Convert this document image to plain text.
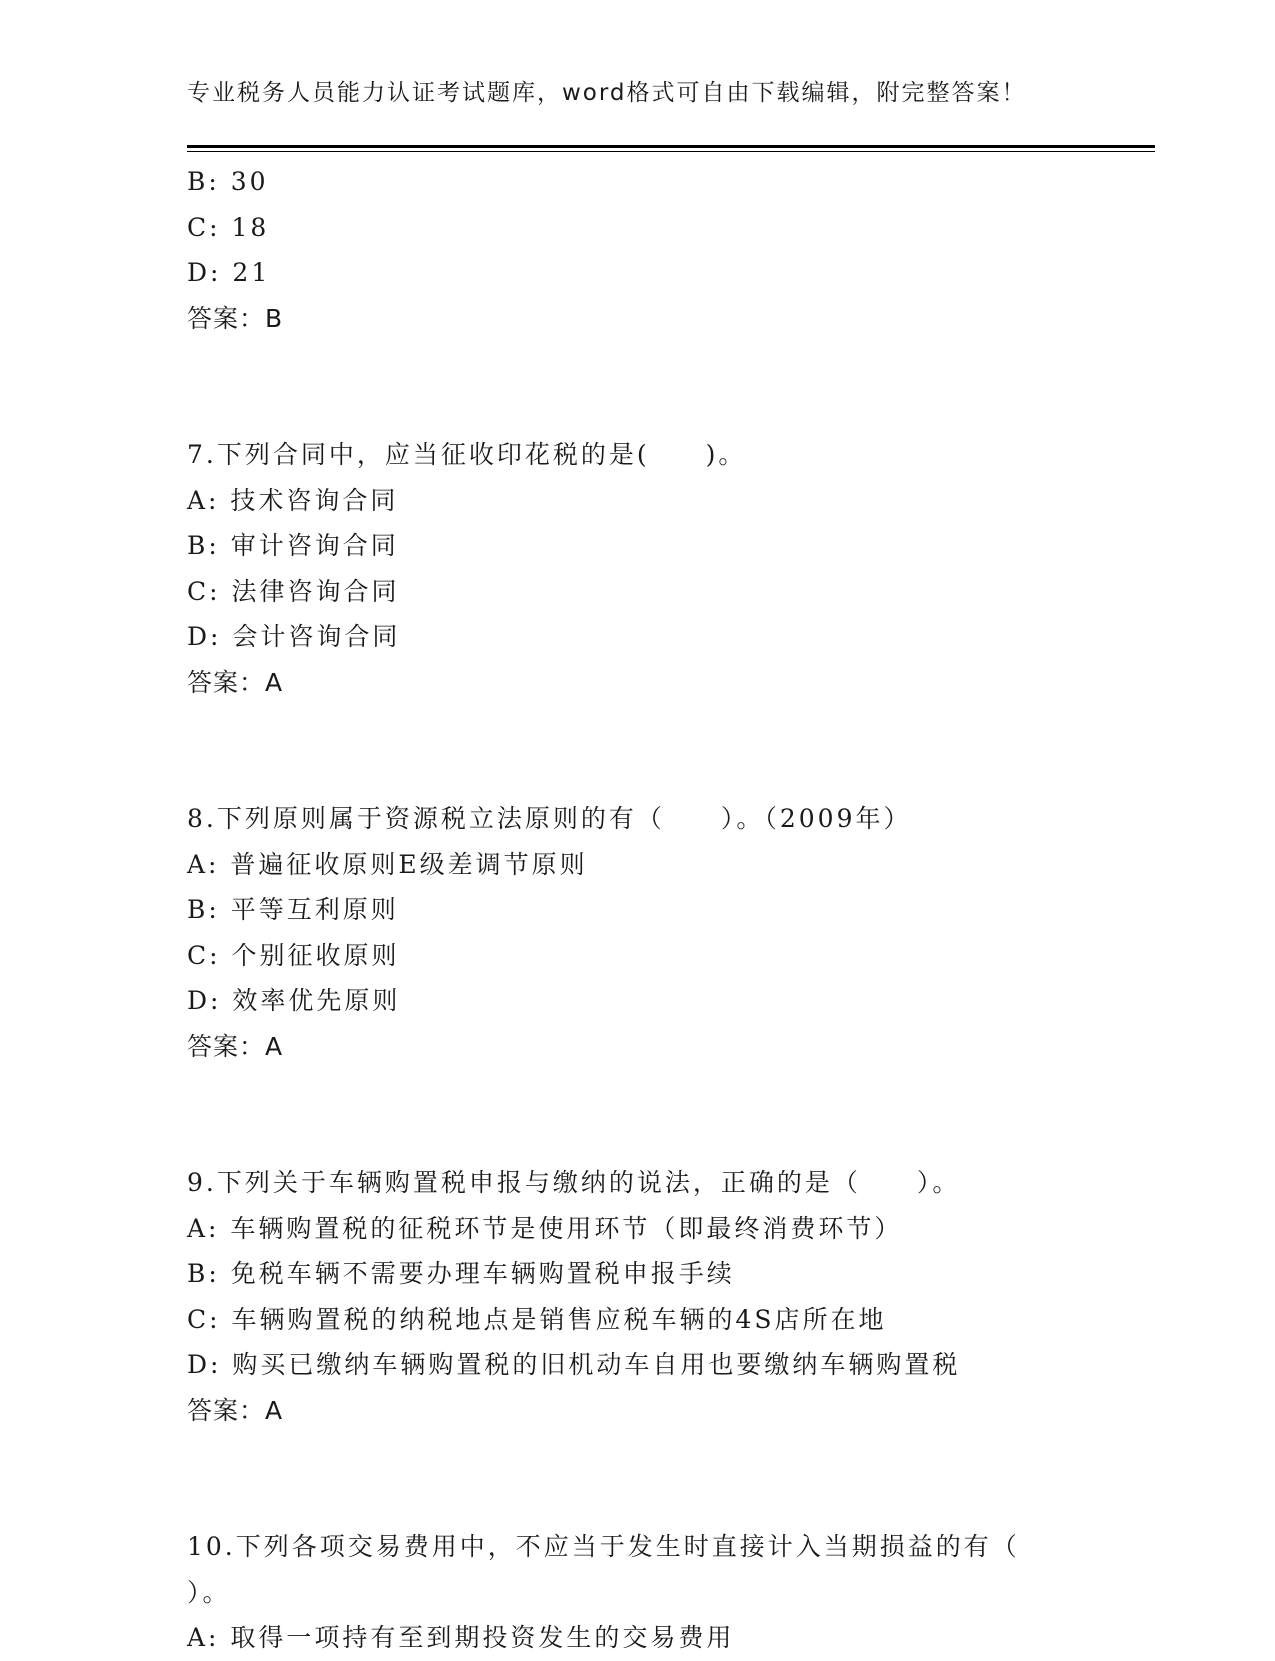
专业税务人员能力认证考试题库，word格式可自由下载编辑，附完整答案！
B: 30
C: 18
D: 21
答案：B
7.下列合同中，应当征收印花税的是(　　)。
A: 技术咨询合同
B: 审计咨询合同
C: 法律咨询合同
D: 会计咨询合同
答案：A
8.下列原则属于资源税立法原则的有（　　）。（2009年）
A: 普遍征收原则E级差调节原则
B: 平等互利原则
C: 个别征收原则
D: 效率优先原则
答案：A
9.下列关于车辆购置税申报与缴纳的说法，正确的是（　　）。
A: 车辆购置税的征税环节是使用环节（即最终消费环节）
B: 免税车辆不需要办理车辆购置税申报手续
C: 车辆购置税的纳税地点是销售应税车辆的4S店所在地
D: 购买已缴纳车辆购置税的旧机动车自用也要缴纳车辆购置税
答案：A
10.下列各项交易费用中，不应当于发生时直接计入当期损益的有（
）。
A: 取得一项持有至到期投资发生的交易费用
